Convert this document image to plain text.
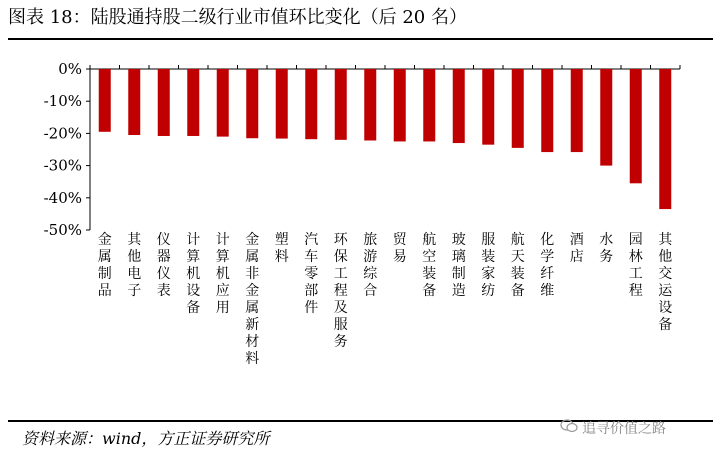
图表 18：陆股通持股二级行业市值环比变化（后 20 名）
0%
-10%
-20%
-30%
-40%
-50%
金属制品
其他电子
仪器仪表
计算机设备
计算机应用
金属非金属新材料
塑料
汽车零部件
环保工程及服务
旅游综合
贸易
航空装备
玻璃制造
服装家纺
航天装备
化学纤维
酒店
水务
园林工程
其他交运设备
资料来源：wind，方正证券研究所	追寻价值之路
